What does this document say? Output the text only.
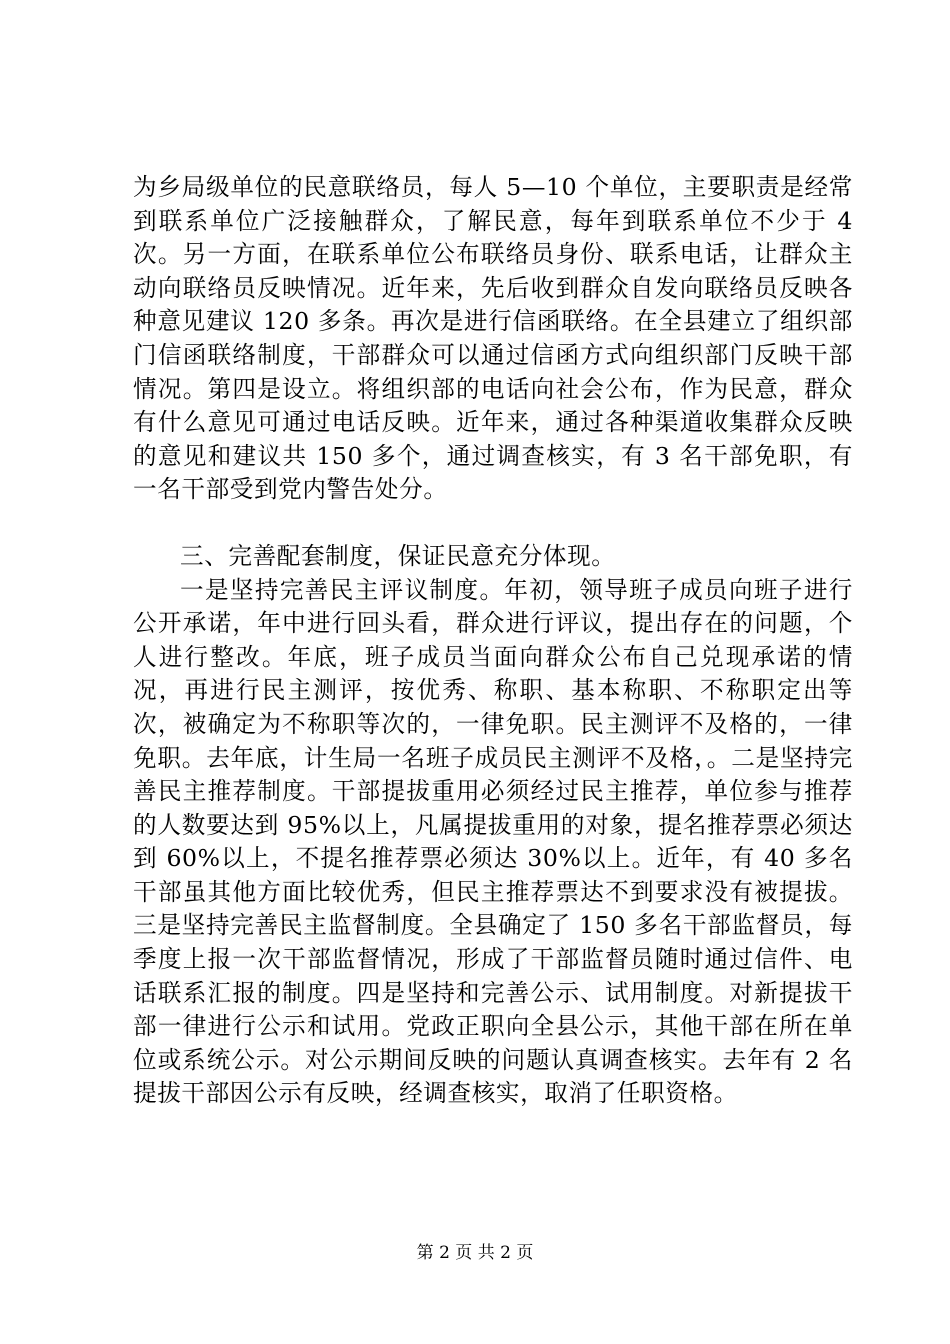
为乡局级单位的民意联络员，每人 5—10 个单位，主要职责是经常到联系单位广泛接触群众，了解民意，每年到联系单位不少于 4 次。另一方面，在联系单位公布联络员身份、联系电话，让群众主动向联络员反映情况。近年来，先后收到群众自发向联络员反映各种意见建议 120 多条。再次是进行信函联络。在全县建立了组织部门信函联络制度，干部群众可以通过信函方式向组织部门反映干部情况。第四是设立。将组织部的电话向社会公布，作为民意，群众有什么意见可通过电话反映。近年来，通过各种渠道收集群众反映的意见和建议共 150 多个，通过调查核实，有 3 名干部免职，有一名干部受到党内警告处分。

三、完善配套制度，保证民意充分体现。

一是坚持完善民主评议制度。年初，领导班子成员向班子进行公开承诺，年中进行回头看，群众进行评议，提出存在的问题，个人进行整改。年底，班子成员当面向群众公布自己兑现承诺的情况，再进行民主测评，按优秀、称职、基本称职、不称职定出等次，被确定为不称职等次的，一律免职。民主测评不及格的，一律免职。去年底，计生局一名班子成员民主测评不及格，。二是坚持完善民主推荐制度。干部提拔重用必须经过民主推荐，单位参与推荐的人数要达到 95%以上，凡属提拔重用的对象，提名推荐票必须达到 60%以上，不提名推荐票必须达 30%以上。近年，有 40 多名干部虽其他方面比较优秀，但民主推荐票达不到要求没有被提拔。三是坚持完善民主监督制度。全县确定了 150 多名干部监督员，每季度上报一次干部监督情况，形成了干部监督员随时通过信件、电话联系汇报的制度。四是坚持和完善公示、试用制度。对新提拔干部一律进行公示和试用。党政正职向全县公示，其他干部在所在单位或系统公示。对公示期间反映的问题认真调查核实。去年有 2 名提拔干部因公示有反映，经调查核实，取消了任职资格。

第 2 页 共 2 页
